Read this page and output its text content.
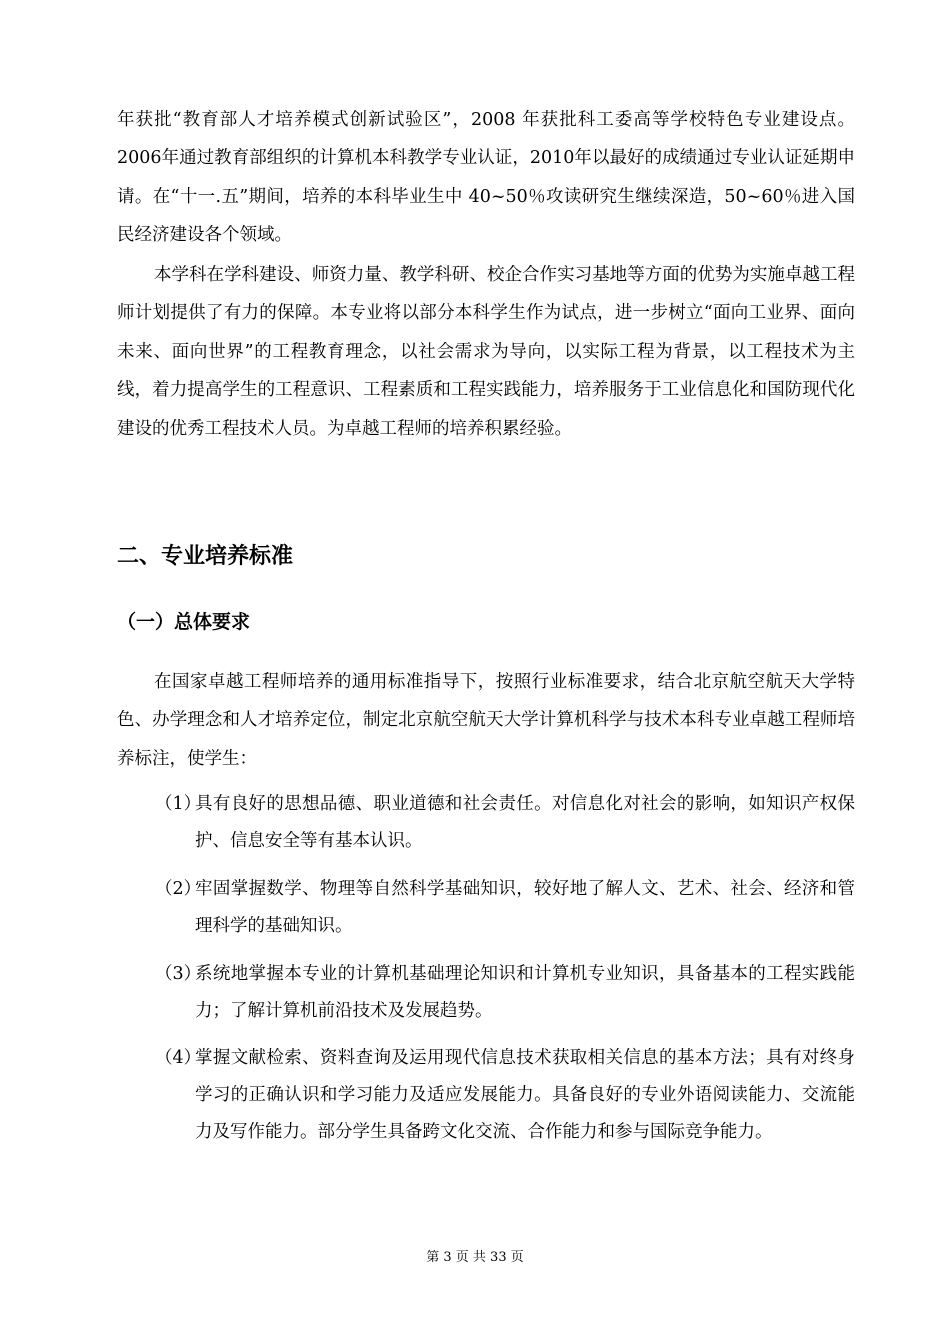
年获批“教育部人才培养模式创新试验区”，2008 年获批科工委高等学校特色专业建设点。2006年通过教育部组织的计算机本科教学专业认证，2010年以最好的成绩通过专业认证延期申请。在“十一.五”期间，培养的本科毕业生中 40~50％攻读研究生继续深造，50~60％进入国民经济建设各个领域。

本学科在学科建设、师资力量、教学科研、校企合作实习基地等方面的优势为实施卓越工程师计划提供了有力的保障。本专业将以部分本科学生作为试点，进一步树立“面向工业界、面向未来、面向世界”的工程教育理念，以社会需求为导向，以实际工程为背景，以工程技术为主线，着力提高学生的工程意识、工程素质和工程实践能力，培养服务于工业信息化和国防现代化建设的优秀工程技术人员。为卓越工程师的培养积累经验。

二、专业培养标准
（一）总体要求

在国家卓越工程师培养的通用标准指导下，按照行业标准要求，结合北京航空航天大学特色、办学理念和人才培养定位，制定北京航空航天大学计算机科学与技术本科专业卓越工程师培养标注，使学生：

（1）
具有良好的思想品德、职业道德和社会责任。对信息化对社会的影响，如知识产权保护、信息安全等有基本认识。
（2）
牢固掌握数学、物理等自然科学基础知识，较好地了解人文、艺术、社会、经济和管理科学的基础知识。
（3）
系统地掌握本专业的计算机基础理论知识和计算机专业知识，具备基本的工程实践能力；了解计算机前沿技术及发展趋势。
（4）
掌握文献检索、资料查询及运用现代信息技术获取相关信息的基本方法；具有对终身学习的正确认识和学习能力及适应发展能力。具备良好的专业外语阅读能力、交流能力及写作能力。部分学生具备跨文化交流、合作能力和参与国际竞争能力。
第 3 页 共 33 页
